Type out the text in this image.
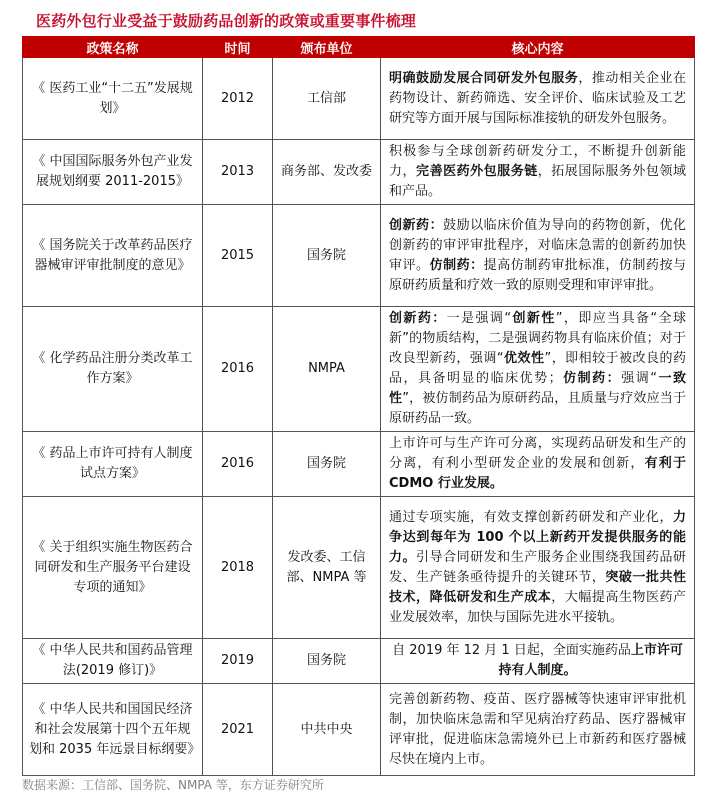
医药外包行业受益于鼓励药品创新的政策或重要事件梳理
政策名称	时间	颁布单位	核心内容
《 医药工业“十二五”发展规划》	2012	工信部	明确鼓励发展合同研发外包服务，推动相关企业在药物设计、新药筛选、安全评价、临床试验及工艺研究等方面开展与国际标准接轨的研发外包服务。
《 中国国际服务外包产业发展规划纲要 2011-2015》	2013	商务部、发改委	积极参与全球创新药研发分工，不断提升创新能力，完善医药外包服务链，拓展国际服务外包领域和产品。
《 国务院关于改革药品医疗器械审评审批制度的意见》	2015	国务院	创新药：鼓励以临床价值为导向的药物创新，优化创新药的审评审批程序，对临床急需的创新药加快审评。仿制药：提高仿制药审批标准，仿制药按与原研药质量和疗效一致的原则受理和审评审批。
《 化学药品注册分类改革工作方案》	2016	NMPA	创新药：一是强调“创新性”，即应当具备“全球新”的物质结构，二是强调药物具有临床价值；对于改良型新药，强调“优效性”，即相较于被改良的药品，具备明显的临床优势；仿制药：强调“一致性”，被仿制药品为原研药品，且质量与疗效应当于原研药品一致。
《 药品上市许可持有人制度试点方案》	2016	国务院	上市许可与生产许可分离，实现药品研发和生产的分离，有利小型研发企业的发展和创新，有利于 CDMO 行业发展。
《 关于组织实施生物医药合同研发和生产服务平台建设专项的通知》	2018	发改委、工信部、NMPA 等	通过专项实施，有效支撑创新药研发和产业化，力争达到每年为 100 个以上新药开发提供服务的能力。引导合同研发和生产服务企业围绕我国药品研发、生产链条亟待提升的关键环节，突破一批共性技术，降低研发和生产成本，大幅提高生物医药产业发展效率，加快与国际先进水平接轨。
《 中华人民共和国药品管理法(2019 修订)》	2019	国务院	自 2019 年 12 月 1 日起，全面实施药品上市许可持有人制度。
《 中华人民共和国国民经济和社会发展第十四个五年规划和 2035 年远景目标纲要》	2021	中共中央	完善创新药物、疫苗、医疗器械等快速审评审批机制，加快临床急需和罕见病治疗药品、医疗器械审评审批，促进临床急需境外已上市新药和医疗器械尽快在境内上市。
数据来源：工信部、国务院、NMPA 等，东方证券研究所
